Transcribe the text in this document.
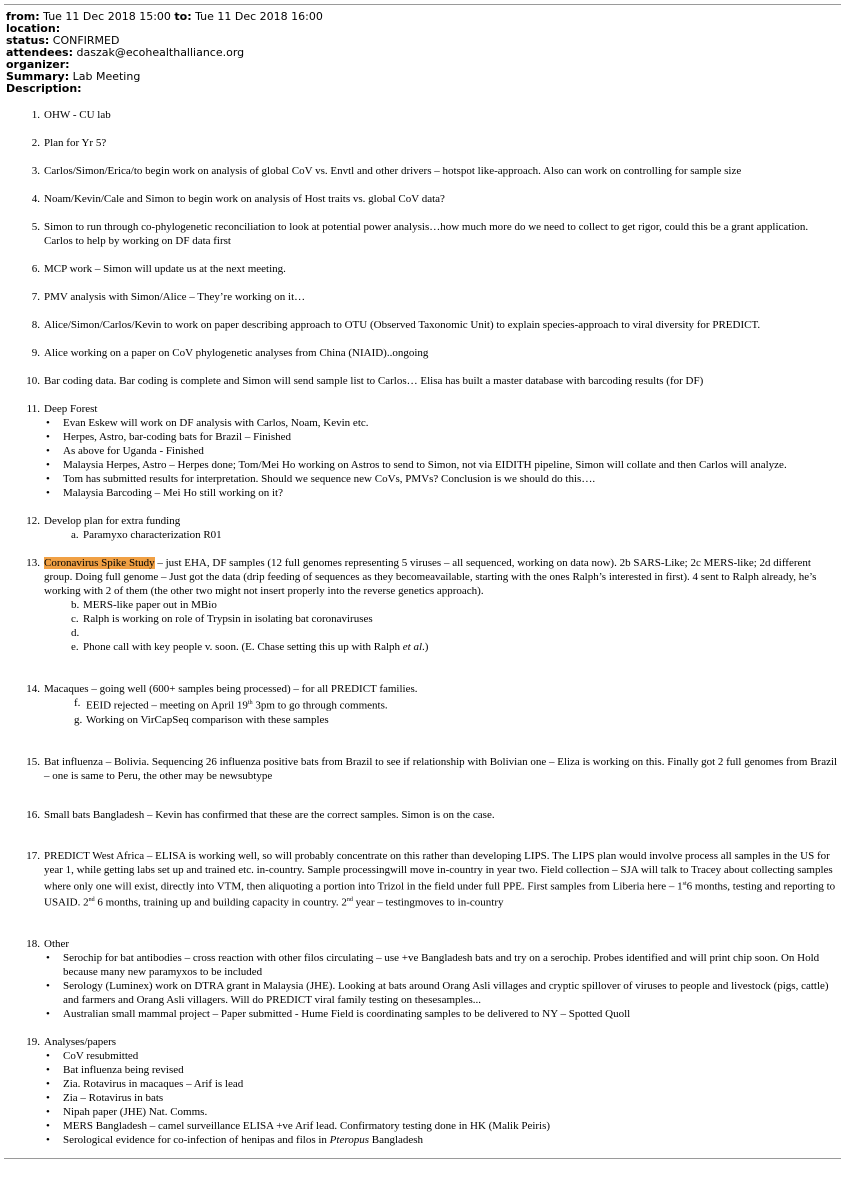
from: Tue 11 Dec 2018 15:00 to: Tue 11 Dec 2018 16:00
location:
status: CONFIRMED
attendees: daszak@ecohealthalliance.org
organizer:
Summary: Lab Meeting
Description:
1. OHW - CU lab
2. Plan for Yr 5?
3. Carlos/Simon/Erica/to begin work on analysis of global CoV vs. Envtl and other drivers – hotspot like-approach. Also can work on controlling for sample size
4. Noam/Kevin/Cale and Simon to begin work on analysis of Host traits vs. global CoV data?
5. Simon to run through co-phylogenetic reconciliation to look at potential power analysis…how much more do we need to collect to get rigor, could this be a grant application. Carlos to help by working on DF data first
6. MCP work – Simon will update us at the next meeting.
7. PMV analysis with Simon/Alice – They’re working on it…
8. Alice/Simon/Carlos/Kevin to work on paper describing approach to OTU (Observed Taxonomic Unit) to explain species-approach to viral diversity for PREDICT.
9. Alice working on a paper on CoV phylogenetic analyses from China (NIAID)..ongoing
10. Bar coding data. Bar coding is complete and Simon will send sample list to Carlos… Elisa has built a master database with barcoding results (for DF)
11. Deep Forest
• Evan Eskew will work on DF analysis with Carlos, Noam, Kevin etc.
• Herpes, Astro, bar-coding bats for Brazil – Finished
• As above for Uganda - Finished
• Malaysia Herpes, Astro – Herpes done; Tom/Mei Ho working on Astros to send to Simon, not via EIDITH pipeline, Simon will collate and then Carlos will analyze.
• Tom has submitted results for interpretation. Should we sequence new CoVs, PMVs? Conclusion is we should do this….
• Malaysia Barcoding – Mei Ho still working on it?
12. Develop plan for extra funding
a. Paramyxo characterization R01
13. Coronavirus Spike Study – just EHA, DF samples (12 full genomes representing 5 viruses – all sequenced, working on data now). 2b SARS-Like; 2c MERS-like; 2d different group. Doing full genome – Just got the data (drip feeding of sequences as they becomeavailable, starting with the ones Ralph’s interested in first). 4 sent to Ralph already, he’s working with 2 of them (the other two might not insert properly into the reverse genetics approach).
b. MERS-like paper out in MBio
c. Ralph is working on role of Trypsin in isolating bat coronaviruses
d.

e. Phone call with key people v. soon. (E. Chase setting this up with Ralph et al.)
14. Macaques – going well (600+ samples being processed) – for all PREDICT families.
f. EEID rejected – meeting on April 19th 3pm to go through comments.
g. Working on VirCapSeq comparison with these samples
15. Bat influenza – Bolivia. Sequencing 26 influenza positive bats from Brazil to see if relationship with Bolivian one – Eliza is working on this. Finally got 2 full genomes from Brazil – one is same to Peru, the other may be newsubtype
16. Small bats Bangladesh – Kevin has confirmed that these are the correct samples. Simon is on the case.
17. PREDICT West Africa – ELISA is working well, so will probably concentrate on this rather than developing LIPS. The LIPS plan would involve process all samples in the US for year 1, while getting labs set up and trained etc. in-country. Sample processingwill move in-country in year two. Field collection – SJA will talk to Tracey about collecting samples where only one will exist, directly into VTM, then aliquoting a portion into Trizol in the field under full PPE. First samples from Liberia here – 1st6 months, testing and reporting to USAID. 2nd 6 months, training up and building capacity in country. 2nd year – testingmoves to in-country
18. Other
• Serochip for bat antibodies – cross reaction with other filos circulating – use +ve Bangladesh bats and try on a serochip. Probes identified and will print chip soon. On Hold because many new paramyxos to be included
• Serology (Luminex) work on DTRA grant in Malaysia (JHE). Looking at bats around Orang Asli villages and cryptic spillover of viruses to people and livestock (pigs, cattle) and farmers and Orang Asli villagers. Will do PREDICT viral family testing on thesesamples...
• Australian small mammal project – Paper submitted - Hume Field is coordinating samples to be delivered to NY – Spotted Quoll
19. Analyses/papers
• CoV resubmitted
• Bat influenza being revised
• Zia. Rotavirus in macaques – Arif is lead
• Zia – Rotavirus in bats
• Nipah paper (JHE) Nat. Comms.
• MERS Bangladesh – camel surveillance ELISA +ve Arif lead. Confirmatory testing done in HK (Malik Peiris)
• Serological evidence for co-infection of henipas and filos in Pteropus Bangladesh
